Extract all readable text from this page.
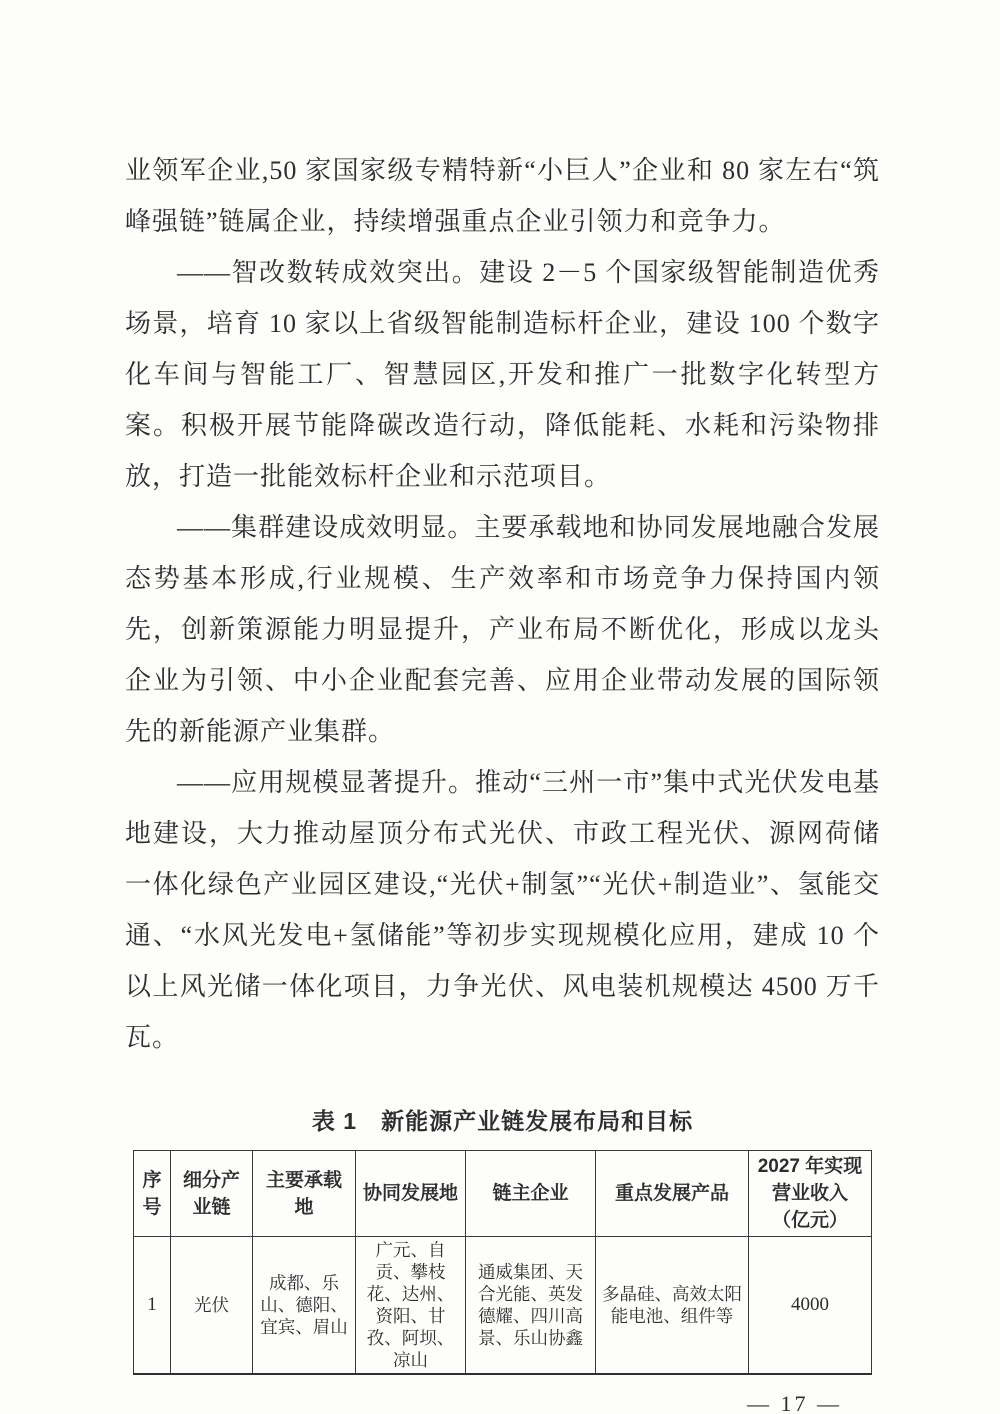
业领军企业,50 家国家级专精特新“小巨人”企业和 80 家左右“筑峰强链”链属企业，持续增强重点企业引领力和竞争力。

——智改数转成效突出。建设 2－5 个国家级智能制造优秀场景，培育 10 家以上省级智能制造标杆企业，建设 100 个数字化车间与智能工厂、智慧园区,开发和推广一批数字化转型方案。积极开展节能降碳改造行动，降低能耗、水耗和污染物排放，打造一批能效标杆企业和示范项目。

——集群建设成效明显。主要承载地和协同发展地融合发展态势基本形成,行业规模、生产效率和市场竞争力保持国内领先，创新策源能力明显提升，产业布局不断优化，形成以龙头企业为引领、中小企业配套完善、应用企业带动发展的国际领先的新能源产业集群。

——应用规模显著提升。推动“三州一市”集中式光伏发电基地建设，大力推动屋顶分布式光伏、市政工程光伏、源网荷储一体化绿色产业园区建设,“光伏+制氢”“光伏+制造业”、氢能交通、“水风光发电+氢储能”等初步实现规模化应用，建成 10 个以上风光储一体化项目，力争光伏、风电装机规模达 4500 万千瓦。

表 1　新能源产业链发展布局和目标
序号	细分产业链	主要承载地	协同发展地	链主企业	重点发展产品	2027 年实现营业收入（亿元）
1	光伏	成都、乐山、德阳、宜宾、眉山	广元、自贡、攀枝花、达州、资阳、甘孜、阿坝、凉山	通威集团、天合光能、英发德耀、四川高景、乐山协鑫	多晶硅、高效太阳能电池、组件等	4000
— 17 —
